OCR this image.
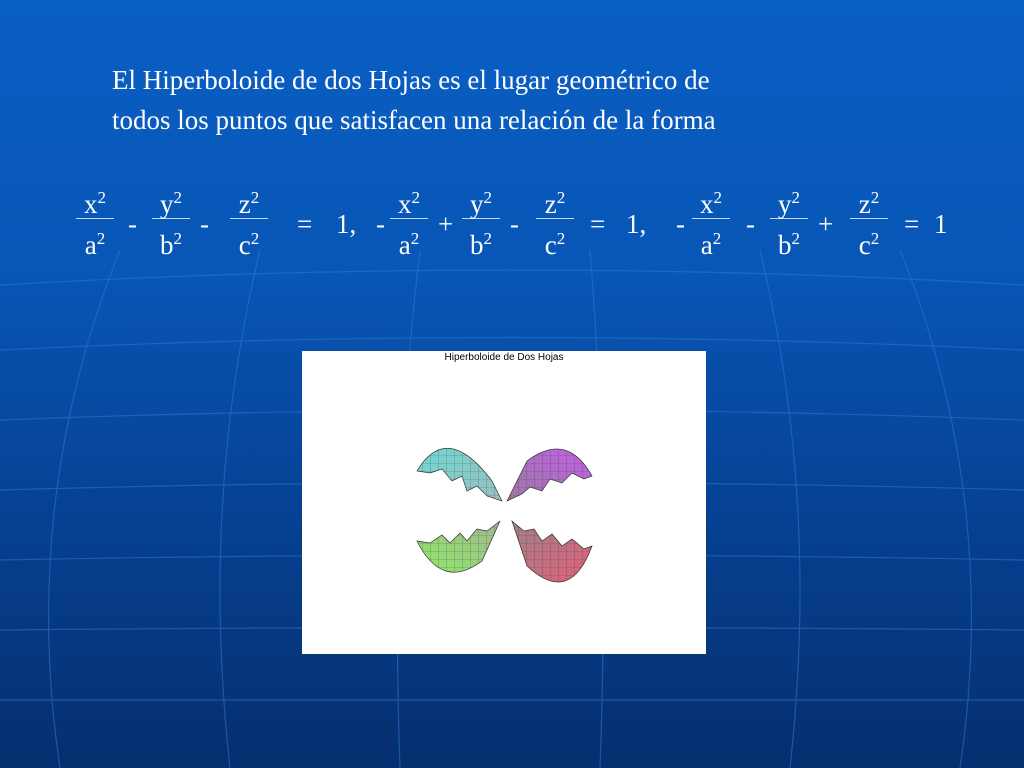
El Hiperboloide de dos Hojas es el lugar geométrico de

todos los puntos que satisfacen una relación de la forma

$x^2$
$a^2$ -
$y^2$
$b^2$ -
$z^2$
$c^2$	= 1, -
$x^2$
$a^2$ +
$y^2$
$b^2$ -
$z^2$
$c^2 = 1$, -
$x^2$
$a^2$ -
$y^2$
$b^2$ +
$z^2$
$c^2 = 1$
Hiperboloide de Dos Hojas
